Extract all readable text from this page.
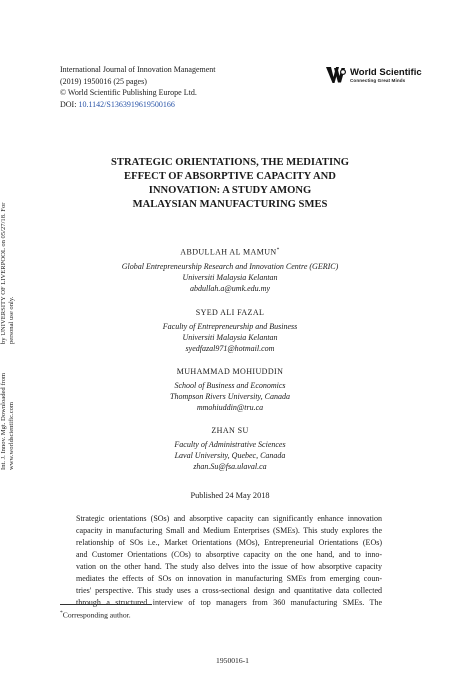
International Journal of Innovation Management
(2019) 1950016 (25 pages)
© World Scientific Publishing Europe Ltd.
DOI: 10.1142/S1363919619500166
World Scientific
Connecting Great Minds
Int. J. Innov. Mgt. Downloaded from www.worldscientific.com
by UNIVERSITY OF LIVERPOOL on 05/27/18. For personal use only.
STRATEGIC ORIENTATIONS, THE MEDIATING
EFFECT OF ABSORPTIVE CAPACITY AND
INNOVATION: A STUDY AMONG
MALAYSIAN MANUFACTURING SMES
ABDULLAH AL MAMUN*
Global Entrepreneurship Research and Innovation Centre (GERIC)
Universiti Malaysia Kelantan
abdullah.a@umk.edu.my
SYED ALI FAZAL
Faculty of Entrepreneurship and Business
Universiti Malaysia Kelantan
syedfazal971@hotmail.com
MUHAMMAD MOHIUDDIN
School of Business and Economics
Thompson Rivers University, Canada
mmohiuddin@tru.ca
ZHAN SU
Faculty of Administrative Sciences
Laval University, Quebec, Canada
zhan.Su@fsa.ulaval.ca
Published 24 May 2018
Strategic orientations (SOs) and absorptive capacity can significantly enhance innovation
capacity in manufacturing Small and Medium Enterprises (SMEs). This study explores the
relationship of SOs i.e., Market Orientations (MOs), Entrepreneurial Orientations (EOs)
and Customer Orientations (COs) to absorptive capacity on the one hand, and to inno-
vation on the other hand. The study also delves into the issue of how absorptive capacity
mediates the effects of SOs on innovation in manufacturing SMEs from emerging coun-
tries' perspective. This study uses a cross-sectional design and quantitative data collected
through a structured interview of top managers from 360 manufacturing SMEs. The
*Corresponding author.
1950016-1
